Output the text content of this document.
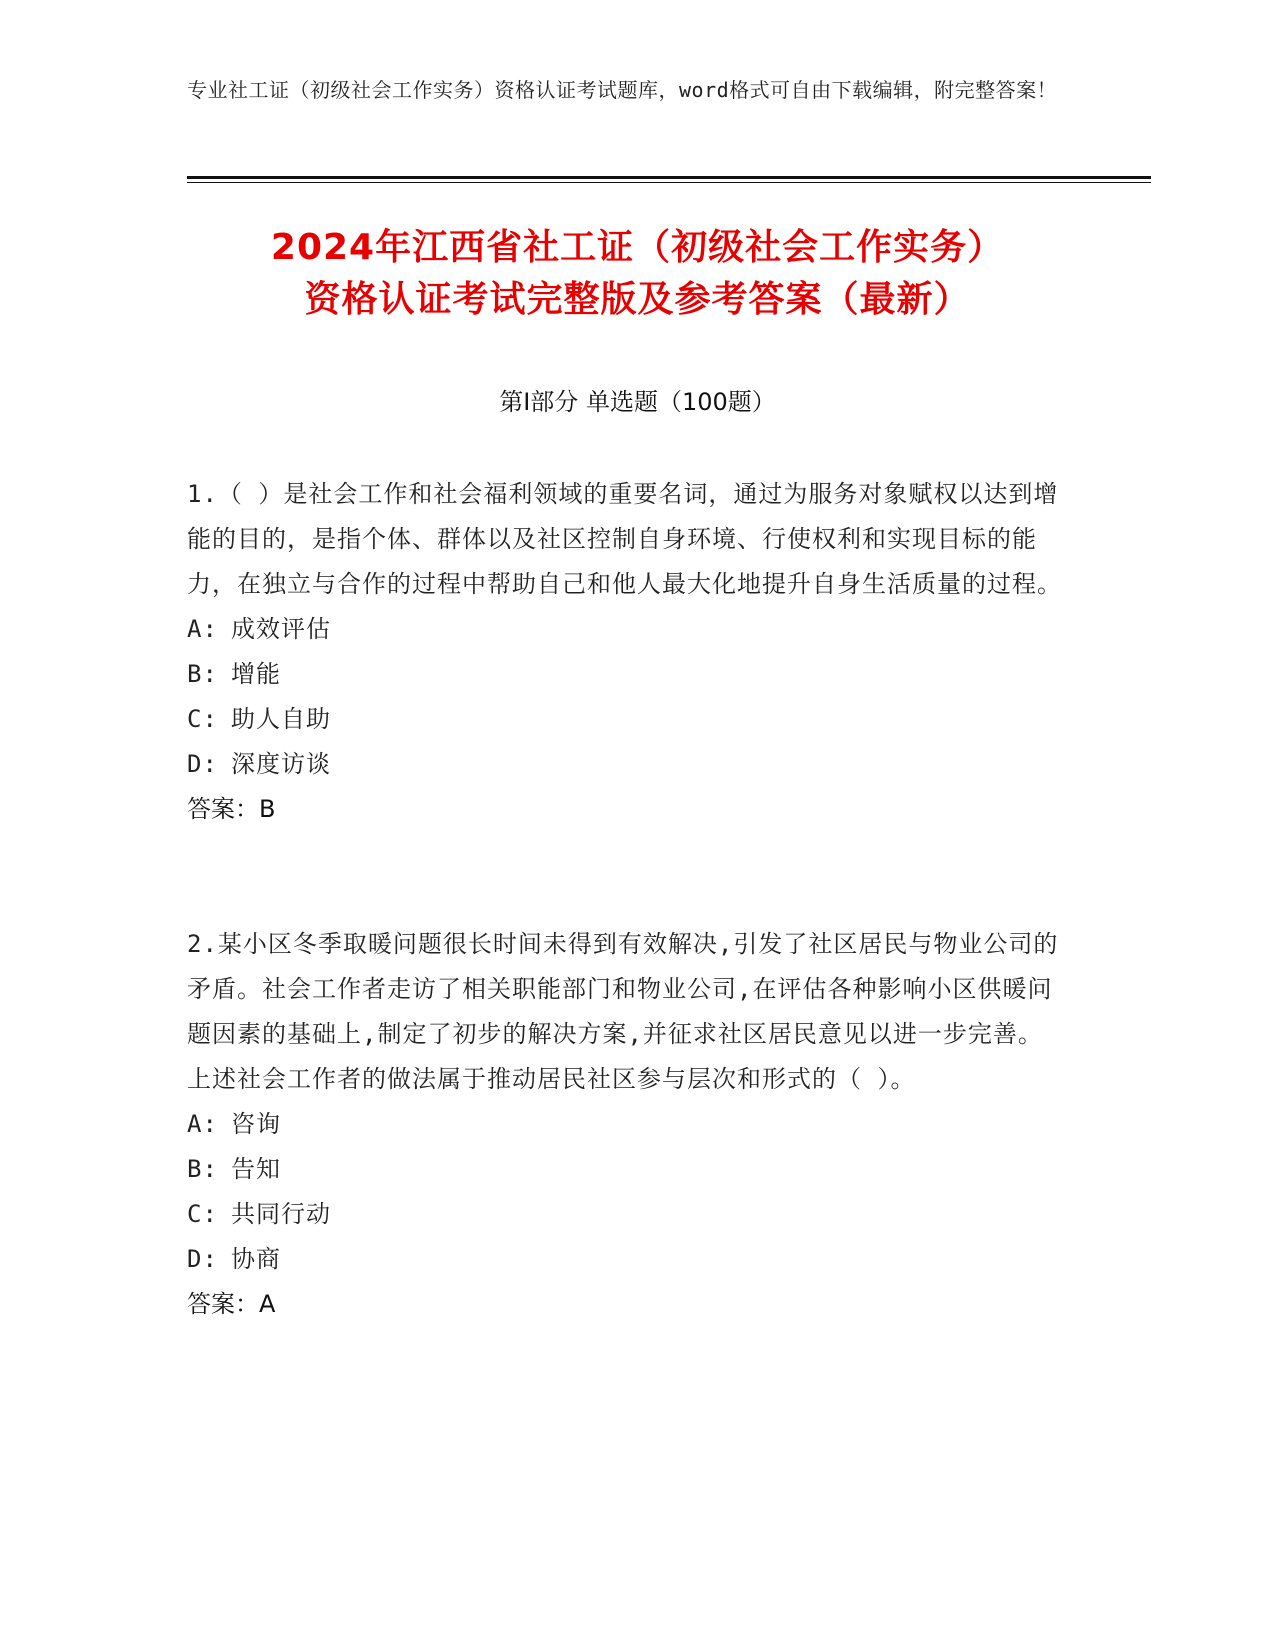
专业社工证（初级社会工作实务）资格认证考试题库，word格式可自由下载编辑，附完整答案！
2024年江西省社工证（初级社会工作实务）
资格认证考试完整版及参考答案（最新）
第Ⅰ部分 单选题（100题）
1.（ ）是社会工作和社会福利领域的重要名词，通过为服务对象赋权以达到增能的目的，是指个体、群体以及社区控制自身环境、行使权利和实现目标的能力，在独立与合作的过程中帮助自己和他人最大化地提升自身生活质量的过程。
A: 成效评估
B: 增能
C: 助人自助
D: 深度访谈
答案：B
2.某小区冬季取暖问题很长时间未得到有效解决,引发了社区居民与物业公司的矛盾。社会工作者走访了相关职能部门和物业公司,在评估各种影响小区供暖问题因素的基础上,制定了初步的解决方案,并征求社区居民意见以进一步完善。上述社会工作者的做法属于推动居民社区参与层次和形式的（ ）。
A: 咨询
B: 告知
C: 共同行动
D: 协商
答案：A
